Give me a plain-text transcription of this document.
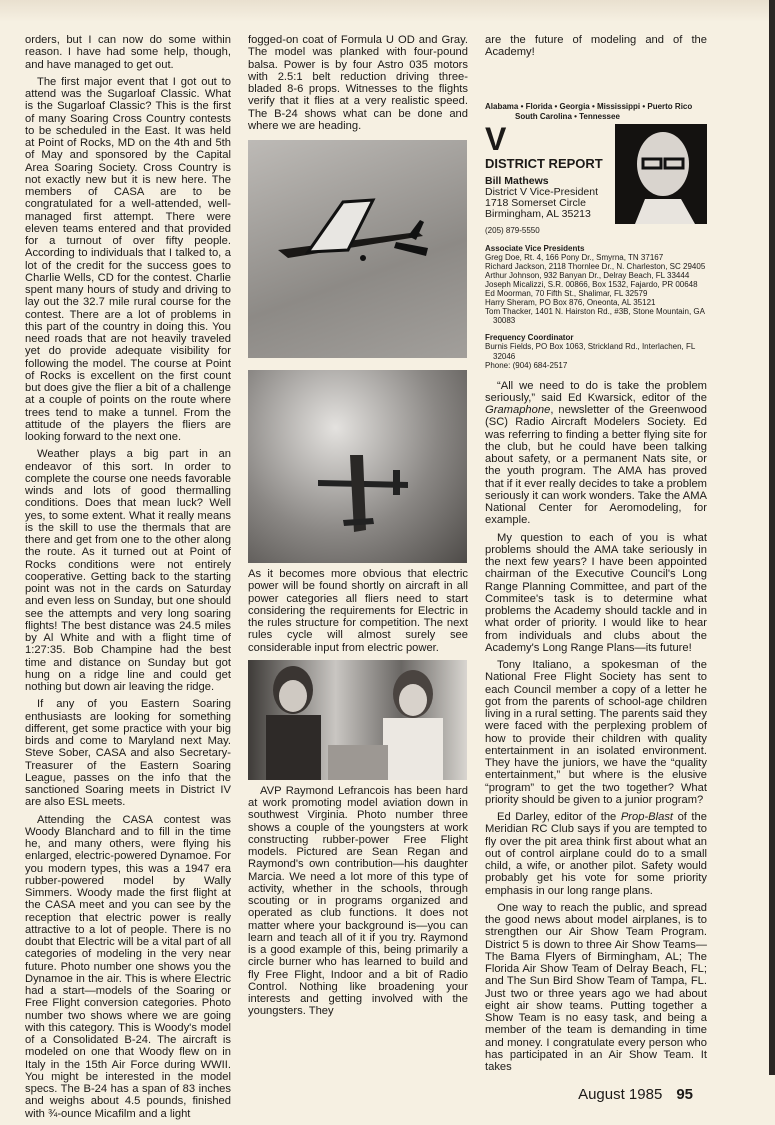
orders, but I can now do some within reason. I have had some help, though, and have managed to get out.

The first major event that I got out to attend was the Sugarloaf Classic. What is the Sugarloaf Classic? This is the first of many Soaring Cross Country contests to be scheduled in the East. It was held at Point of Rocks, MD on the 4th and 5th of May and sponsored by the Capital Area Soaring Society. Cross Country is not exactly new but it is new here. The members of CASA are to be congratulated for a well-attended, well-managed first attempt. There were eleven teams entered and that provided for a turnout of over fifty people. According to individuals that I talked to, a lot of the credit for the success goes to Charlie Wells, CD for the contest. Charlie spent many hours of study and driving to lay out the 32.7 mile rural course for the contest. There are a lot of problems in this part of the country in doing this. You need roads that are not heavily traveled yet do provide adequate visibility for following the model. The course at Point of Rocks is excellent on the first count but does give the flier a bit of a challenge at a couple of points on the route where trees tend to make a tunnel. From the attitude of the players the fliers are looking forward to the next one.

Weather plays a big part in an endeavor of this sort. In order to complete the course one needs favorable winds and lots of good thermalling conditions. Does that mean luck? Well yes, to some extent. What it really means is the skill to use the thermals that are there and get from one to the other along the route. As it turned out at Point of Rocks conditions were not entirely cooperative. Getting back to the starting point was not in the cards on Saturday and even less on Sunday, but one should see the attempts and very long soaring flights! The best distance was 24.5 miles by Al White and with a flight time of 1:27:35. Bob Champine had the best time and distance on Sunday but got hung on a ridge line and could get nothing but down air leaving the ridge.

If any of you Eastern Soaring enthusiasts are looking for something different, get some practice with your big birds and come to Maryland next May. Steve Sober, CASA and also Secretary-Treasurer of the Eastern Soaring League, passes on the info that the sanctioned Soaring meets in District IV are also ESL meets.

Attending the CASA contest was Woody Blanchard and to fill in the time he, and many others, were flying his enlarged, electric-powered Dynamoe. For you modern types, this was a 1947 era rubber-powered model by Wally Simmers. Woody made the first flight at the CASA meet and you can see by the reception that electric power is really attractive to a lot of people. There is no doubt that Electric will be a vital part of all categories of modeling in the very near future. Photo number one shows you the Dynamoe in the air. This is where Electric had a start—models of the Soaring or Free Flight conversion categories. Photo number two shows where we are going with this category. This is Woody's model of a Consolidated B-24. The aircraft is modeled on one that Woody flew on in Italy in the 15th Air Force during WWII. You might be interested in the model specs. The B-24 has a span of 83 inches and weighs about 4.5 pounds, finished with ¾-ounce Micafilm and a light

fogged-on coat of Formula U OD and Gray. The model was planked with four-pound balsa. Power is by four Astro 035 motors with 2.5:1 belt reduction driving three-bladed 8-6 props. Witnesses to the flights verify that it flies at a very realistic speed. The B-24 shows what can be done and where we are heading.

As it becomes more obvious that electric power will be found shortly on aircraft in all power categories all fliers need to start considering the requirements for Electric in the rules structure for competition. The next rules cycle will almost surely see considerable input from electric power.

AVP Raymond Lefrancois has been hard at work promoting model aviation down in southwest Virginia. Photo number three shows a couple of the youngsters at work constructing rubber-power Free Flight models. Pictured are Sean Regan and Raymond's own contribution—his daughter Marcia. We need a lot more of this type of activity, whether in the schools, through scouting or in programs organized and operated as club functions. It does not matter where your background is—you can learn and teach all of it if you try. Raymond is a good example of this, being primarily a circle burner who has learned to build and fly Free Flight, Indoor and a bit of Radio Control. Nothing like broadening your interests and getting involved with the youngsters. They

are the future of modeling and of the Academy!

Alabama • Florida • Georgia • Mississippi • Puerto Rico
South Carolina • Tennessee
V
DISTRICT REPORT
Bill Mathews
District V Vice-President
1718 Somerset Circle
Birmingham, AL 35213
(205) 879-5550
Associate Vice Presidents
Greg Doe, Rt. 4, 166 Pony Dr., Smyrna, TN 37167
Richard Jackson, 2118 Thornlee Dr., N. Charleston, SC 29405
Arthur Johnson, 932 Banyan Dr., Delray Beach, FL 33444
Joseph Micalizzi, S.R. 00866, Box 1532, Fajardo, PR 00648
Ed Moorman, 70 Fifth St., Shalimar, FL 32579
Harry Sheram, PO Box 876, Oneonta, AL 35121
Tom Thacker, 1401 N. Hairston Rd., #3B, Stone Mountain, GA 30083
Frequency Coordinator
Burnis Fields, PO Box 1063, Strickland Rd., Interlachen, FL 32046
Phone: (904) 684-2517

“All we need to do is take the problem seriously,” said Ed Kwarsick, editor of the Gramaphone, newsletter of the Greenwood (SC) Radio Aircraft Modelers Society. Ed was referring to finding a better flying site for the club, but he could have been talking about safety, or a permanent Nats site, or the youth program. The AMA has proved that if it ever really decides to take a problem seriously it can work wonders. Take the AMA National Center for Aeromodeling, for example.

My question to each of you is what problems should the AMA take seriously in the next few years? I have been appointed chairman of the Executive Council's Long Range Planning Committee, and part of the Commitee's task is to determine what problems the Academy should tackle and in what order of priority. I would like to hear from individuals and clubs about the Academy's Long Range Plans—its future!

Tony Italiano, a spokesman of the National Free Flight Society has sent to each Council member a copy of a letter he got from the parents of school-age children living in a rural setting. The parents said they were faced with the perplexing problem of how to provide their children with quality entertainment in an isolated environment. They have the juniors, we have the “quality entertainment,” but where is the elusive “program” to get the two together? What priority should be given to a junior program?

Ed Darley, editor of the Prop-Blast of the Meridian RC Club says if you are tempted to fly over the pit area think first about what an out of control airplane could do to a small child, a wife, or another pilot. Safety would probably get his vote for some priority emphasis in our long range plans.

One way to reach the public, and spread the good news about model airplanes, is to strengthen our Air Show Team Program. District 5 is down to three Air Show Teams—The Bama Flyers of Birmingham, AL; The Florida Air Show Team of Delray Beach, FL; and The Sun Bird Show Team of Tampa, FL. Just two or three years ago we had about eight air show teams. Putting together a Show Team is no easy task, and being a member of the team is demanding in time and money. I congratulate every person who has participated in an Air Show Team. It takes

August 1985 95
